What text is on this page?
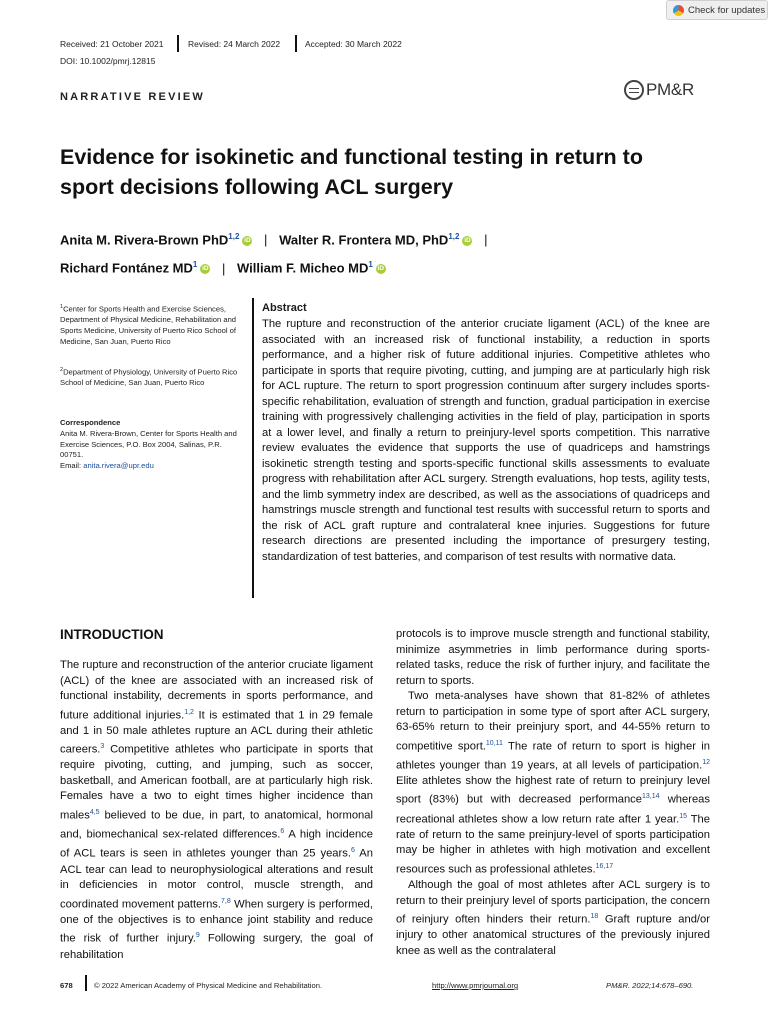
Check for updates
Received: 21 October 2021	Revised: 24 March 2022	Accepted: 30 March 2022
DOI: 10.1002/pmrj.12815
NARRATIVE REVIEW	PM&R
Evidence for isokinetic and functional testing in return to sport decisions following ACL surgery
Anita M. Rivera-Brown PhD$^{1,2}$ iD | Walter R. Frontera MD, PhD$^{1,2}$ iD |
Richard Fontánez $MD^1$ iD | William F. Micheo $MD^1$ iD
$^1$Center for Sports Health and Exercise Sciences, Department of Physical Medicine, Rehabilitation and Sports Medicine, University of Puerto Rico School of Medicine, San Juan, Puerto Rico
$^2$Department of Physiology, University of Puerto Rico School of Medicine, San Juan, Puerto Rico
Correspondence
Anita M. Rivera-Brown, Center for Sports Health and Exercise Sciences, P.O. Box 2004, Salinas, P.R. 00751.
Email: anita.rivera@upr.edu
Abstract
The rupture and reconstruction of the anterior cruciate ligament (ACL) of the knee are associated with an increased risk of functional instability, a reduction in sports performance, and a higher risk of future additional injuries. Competitive athletes who participate in sports that require pivoting, cutting, and jumping are at particularly high risk for ACL rupture. The return to sport progression continuum after surgery includes sports-specific rehabilitation, evaluation of strength and function, gradual participation in exercise training with progressively challenging activities in the field of play, participation in sports at a lower level, and finally a return to preinjury-level sports competition. This narrative review evaluates the evidence that supports the use of quadriceps and hamstrings isokinetic strength testing and sports-specific functional skills assessments to evaluate progress with rehabilitation after ACL surgery. Strength evaluations, hop tests, agility tests, and the limb symmetry index are described, as well as the associations of quadriceps and hamstrings muscle strength and functional test results with successful return to sports and the risk of ACL graft rupture and contralateral knee injuries. Suggestions for future research directions are presented including the importance of presurgery testing, standardization of test batteries, and comparison of test results with normative data.
INTRODUCTION

The rupture and reconstruction of the anterior cruciate ligament (ACL) of the knee are associated with an increased risk of functional instability, decrements in sports performance, and future additional injuries.$^{1,2}$ It is estimated that 1 in 29 female and 1 in 50 male athletes rupture an ACL during their athletic careers.$^3$ Competitive athletes who participate in sports that require pivoting, cutting, and jumping, such as soccer, basketball, and American football, are at particularly high risk. Females have a two to eight times higher incidence than males$^{4,5}$ believed to be due, in part, to anatomical, hormonal and, biomechanical sex-related differences.$^6$ A high incidence of ACL tears is seen in athletes younger than 25 years.$^6$ An ACL tear can lead to neurophysiological alterations and result in deficiencies in motor control, muscle strength, and coordinated movement patterns.$^{7,8}$ When surgery is performed, one of the objectives is to enhance joint stability and reduce the risk of further injury.$^9$ Following surgery, the goal of rehabilitation

protocols is to improve muscle strength and functional stability, minimize asymmetries in limb performance during sports-related tasks, reduce the risk of further injury, and facilitate the return to sports.

Two meta-analyses have shown that 81-82% of athletes return to participation in some type of sport after ACL surgery, 63-65% return to their preinjury sport, and 44-55% return to competitive sport.$^{10,11}$ The rate of return to sport is higher in athletes younger than 19 years, at all levels of participation.$^{12}$ Elite athletes show the highest rate of return to preinjury level sport (83%) but with decreased performance$^{13,14}$ whereas recreational athletes show a low return rate after 1 year.$^{15}$ The rate of return to the same preinjury-level of sports participation may be higher in athletes with high motivation and excellent resources such as professional athletes.$^{16,17}$

Although the goal of most athletes after ACL surgery is to return to their preinjury level of sports participation, the concern of reinjury often hinders their return.$^{18}$ Graft rupture and/or injury to other anatomical structures of the previously injured knee as well as the contralateral

678	© 2022 American Academy of Physical Medicine and Rehabilitation.	http://www.pmrjournal.org	PM&R. 2022;14:678–690.
